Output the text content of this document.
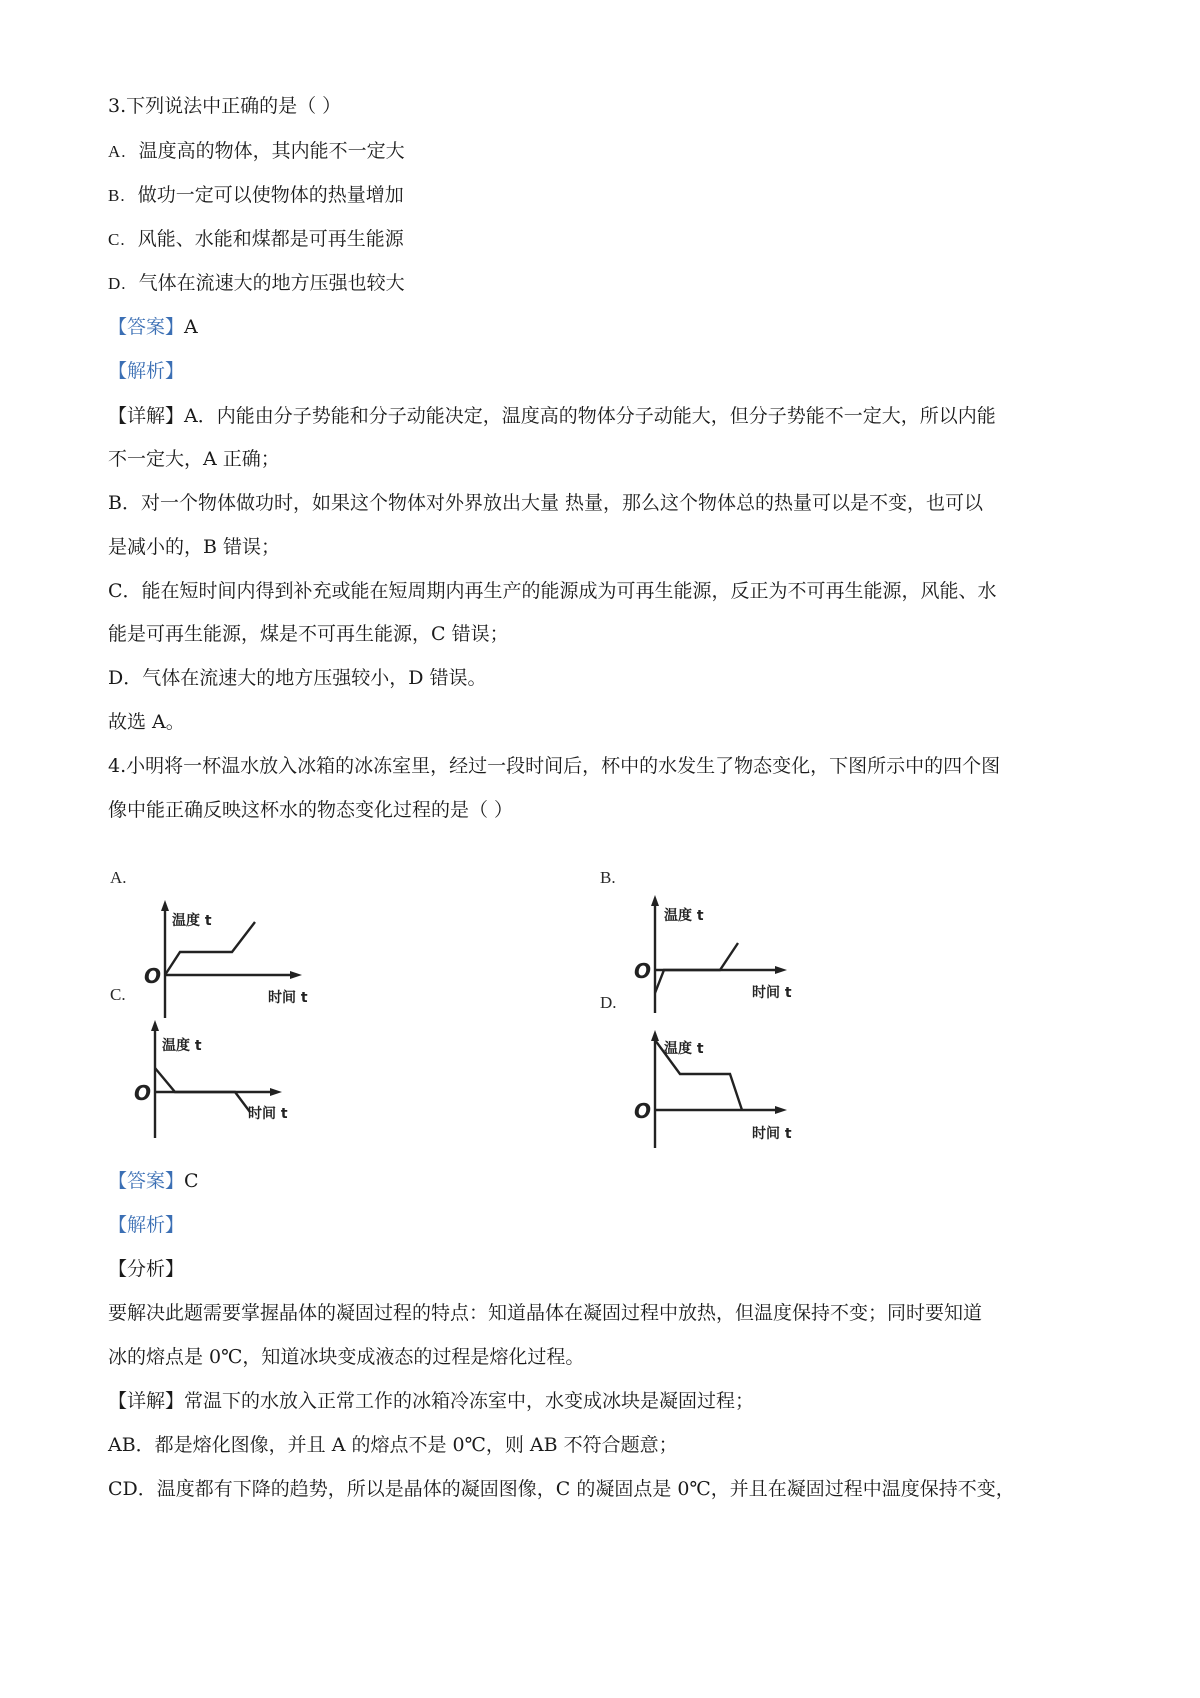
3.下列说法中正确的是（ ）
A. 温度高的物体，其内能不一定大
B. 做功一定可以使物体的热量增加
C. 风能、水能和煤都是可再生能源
D. 气体在流速大的地方压强也较大
【答案】A
【解析】
【详解】A．内能由分子势能和分子动能决定，温度高的物体分子动能大，但分子势能不一定大，所以内能
不一定大，A 正确；
B．对一个物体做功时，如果这个物体对外界放出大量 热量，那么这个物体总的热量可以是不变，也可以
是减小的，B 错误；
C．能在短时间内得到补充或能在短周期内再生产的能源成为可再生能源，反正为不可再生能源，风能、水
能是可再生能源，煤是不可再生能源，C 错误；
D．气体在流速大的地方压强较小，D 错误。
故选 A。
4.小明将一杯温水放入冰箱的冰冻室里，经过一段时间后，杯中的水发生了物态变化，下图所示中的四个图
像中能正确反映这杯水的物态变化过程的是（ ）
A.	B.
C.	D.
温度 t
时间 t
O
温度 t
时间 t
O
温度 t
时间 t
O
温度 t
时间 t
O
【答案】C
【解析】
【分析】
要解决此题需要掌握晶体的凝固过程的特点：知道晶体在凝固过程中放热，但温度保持不变；同时要知道
冰的熔点是 0℃，知道冰块变成液态的过程是熔化过程。
【详解】常温下的水放入正常工作的冰箱冷冻室中，水变成冰块是凝固过程；
AB．都是熔化图像，并且 A 的熔点不是 0℃，则 AB 不符合题意；
CD．温度都有下降的趋势，所以是晶体的凝固图像，C 的凝固点是 0℃，并且在凝固过程中温度保持不变，
